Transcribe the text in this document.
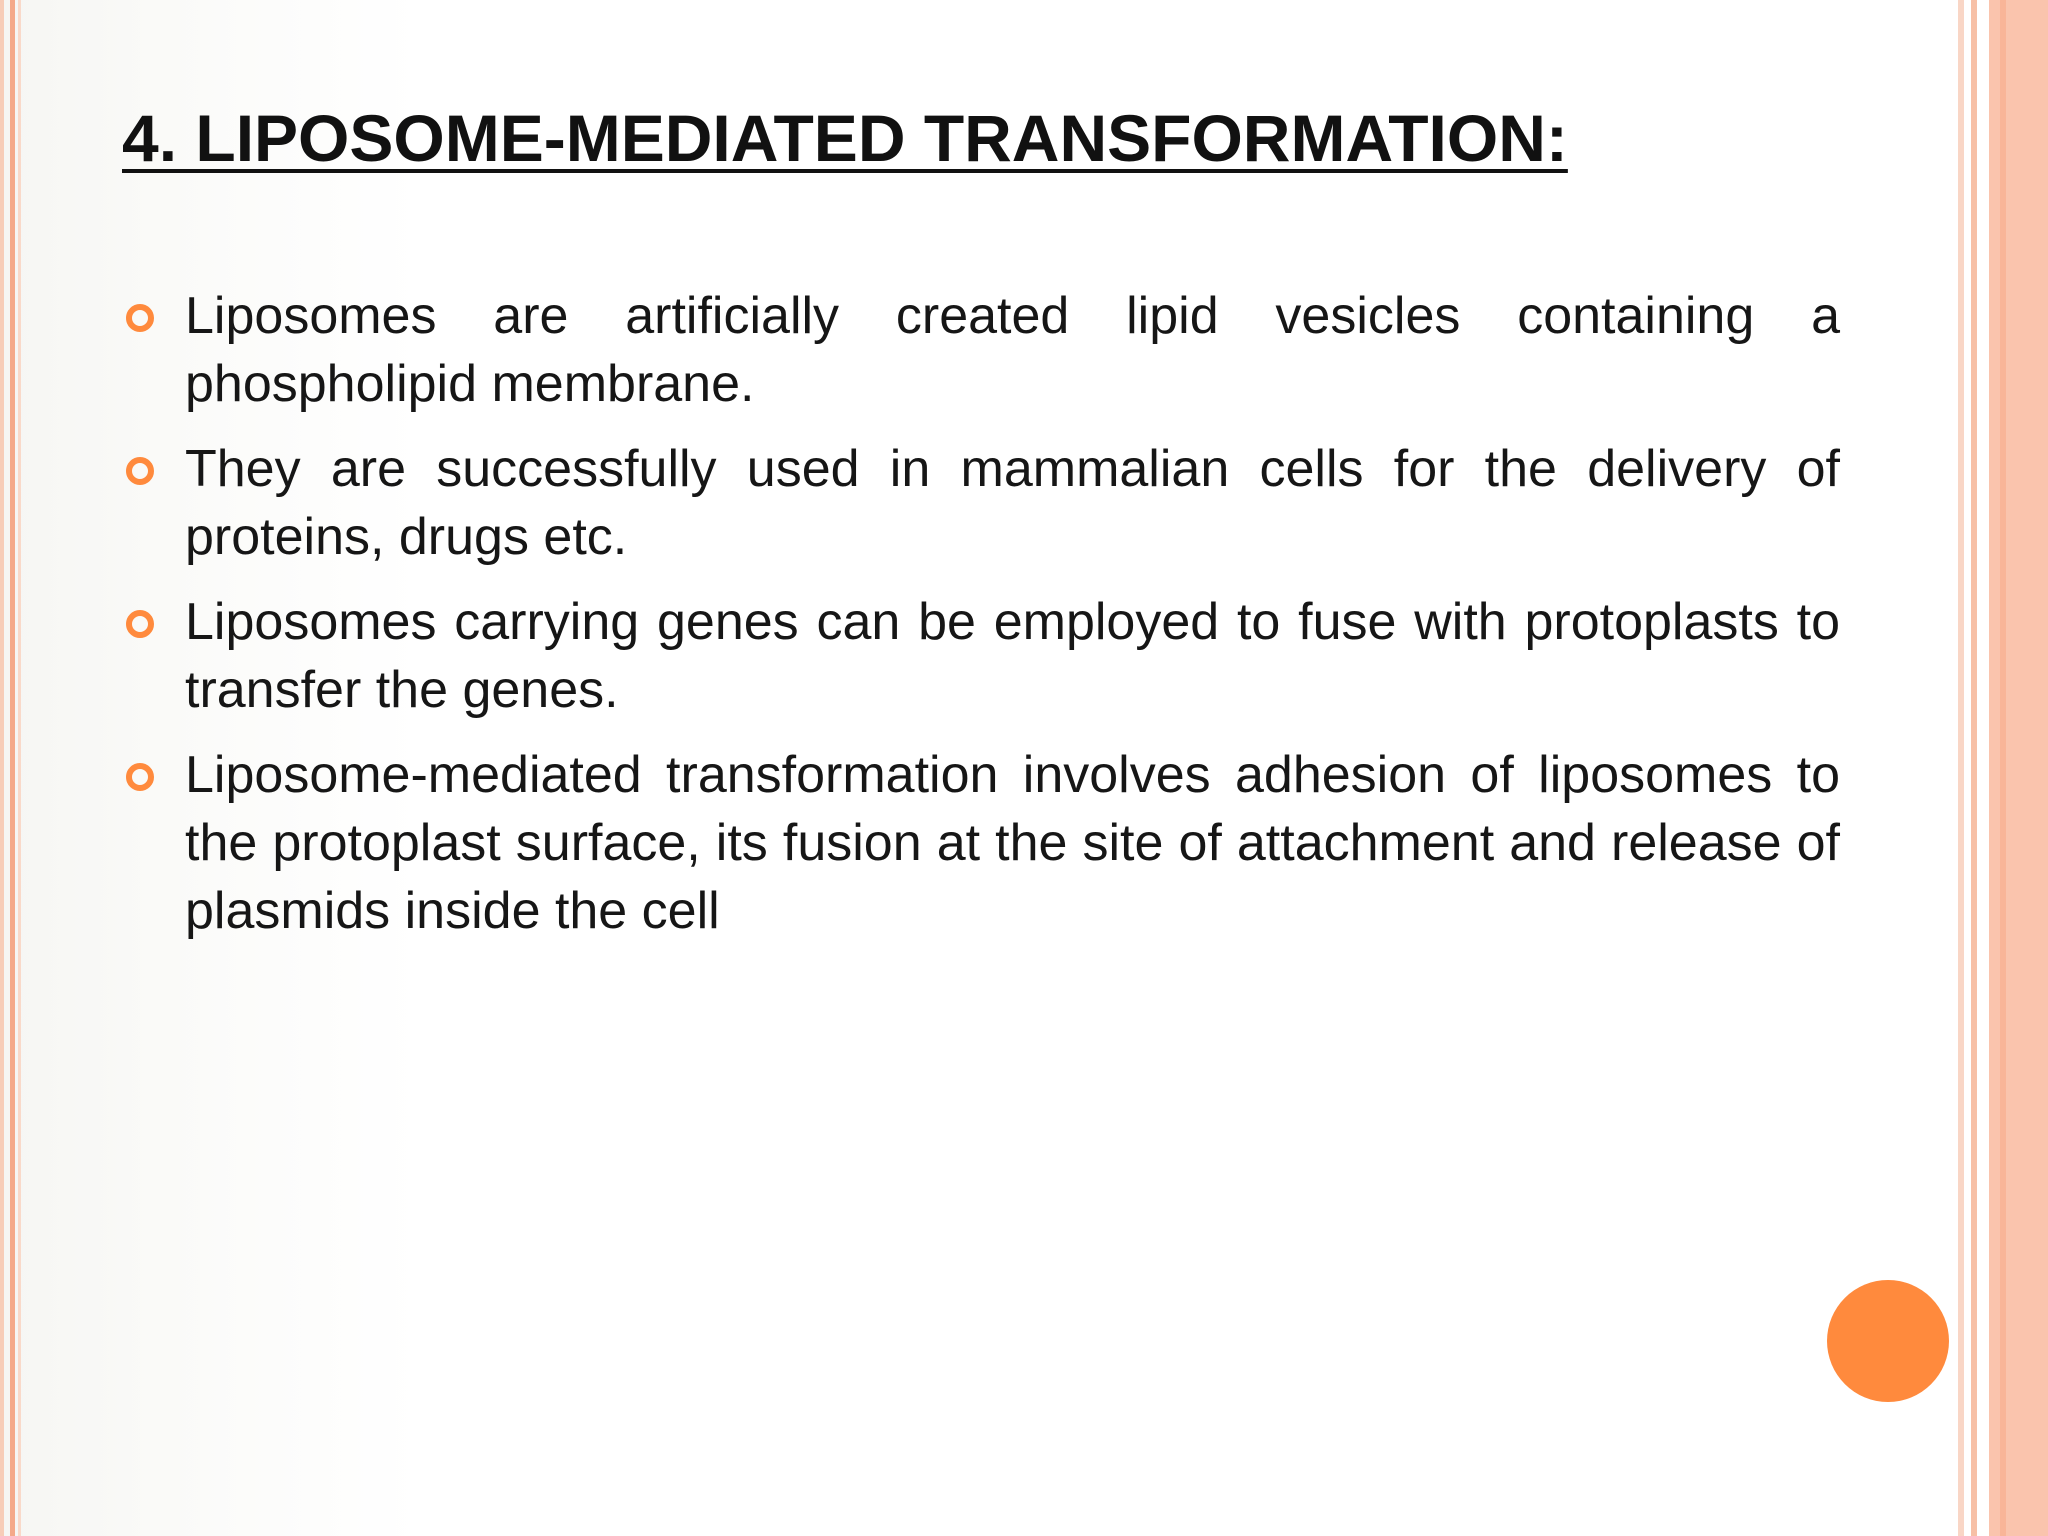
4. LIPOSOME-MEDIATED TRANSFORMATION:
Liposomes are artificially created lipid vesicles containing a phospholipid membrane.
They are successfully used in mammalian cells for the delivery of proteins, drugs etc.
Liposomes carrying genes can be employed to fuse with protoplasts to transfer the genes.
Liposome-mediated transformation involves adhesion of liposomes to the protoplast surface, its fusion at the site of attachment and release of plasmids inside the cell
